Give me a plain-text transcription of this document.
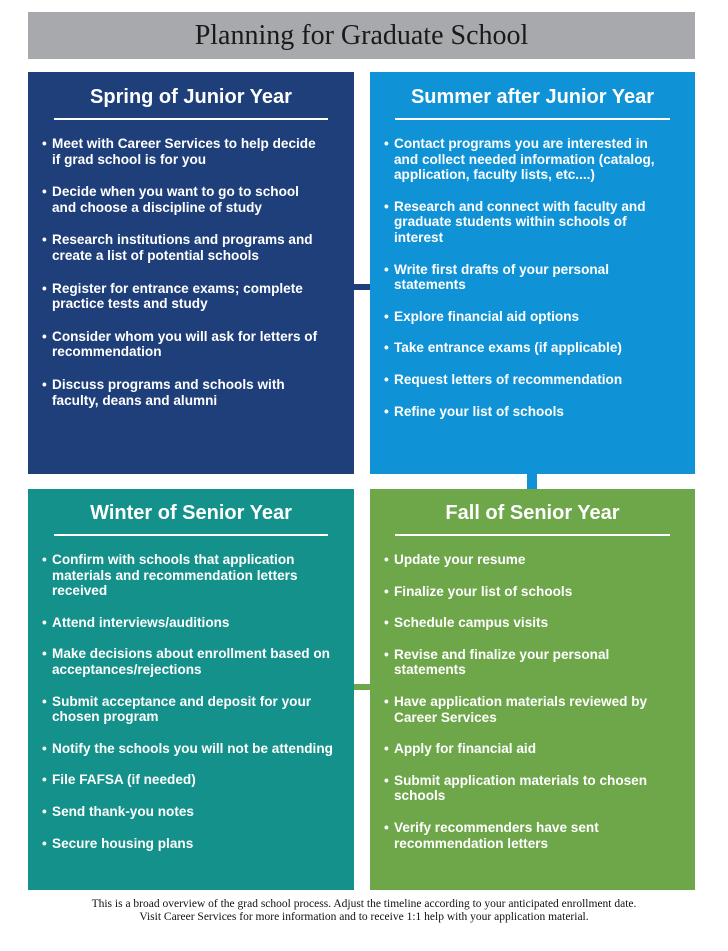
Planning for Graduate School
Spring of Junior Year
• Meet with Career Services to help decide if grad school is for you
• Decide when you want to go to school and choose a discipline of study
• Research institutions and programs and create a list of potential schools
• Register for entrance exams; complete practice tests and study
• Consider whom you will ask for letters of recommendation
• Discuss programs and schools with faculty, deans and alumni
Summer after Junior Year
• Contact programs you are interested in and collect needed information (catalog, application, faculty lists, etc....)
• Research and connect with faculty and graduate students within schools of interest
• Write first drafts of your personal statements
• Explore financial aid options
• Take entrance exams (if applicable)
• Request letters of recommendation
• Refine your list of schools
Winter of Senior Year
• Confirm with schools that application materials and recommendation letters received
• Attend interviews/auditions
• Make decisions about enrollment based on acceptances/rejections
• Submit acceptance and deposit for your chosen program
• Notify the schools you will not be attending
• File FAFSA (if needed)
• Send thank-you notes
• Secure housing plans
Fall of Senior Year
• Update your resume
• Finalize your list of schools
• Schedule campus visits
• Revise and finalize your personal statements
• Have application materials reviewed by Career Services
• Apply for financial aid
• Submit application materials to chosen schools
• Verify recommenders have sent recommendation letters
This is a broad overview of the grad school process. Adjust the timeline according to your anticipated enrollment date.
Visit Career Services for more information and to receive 1:1 help with your application material.
